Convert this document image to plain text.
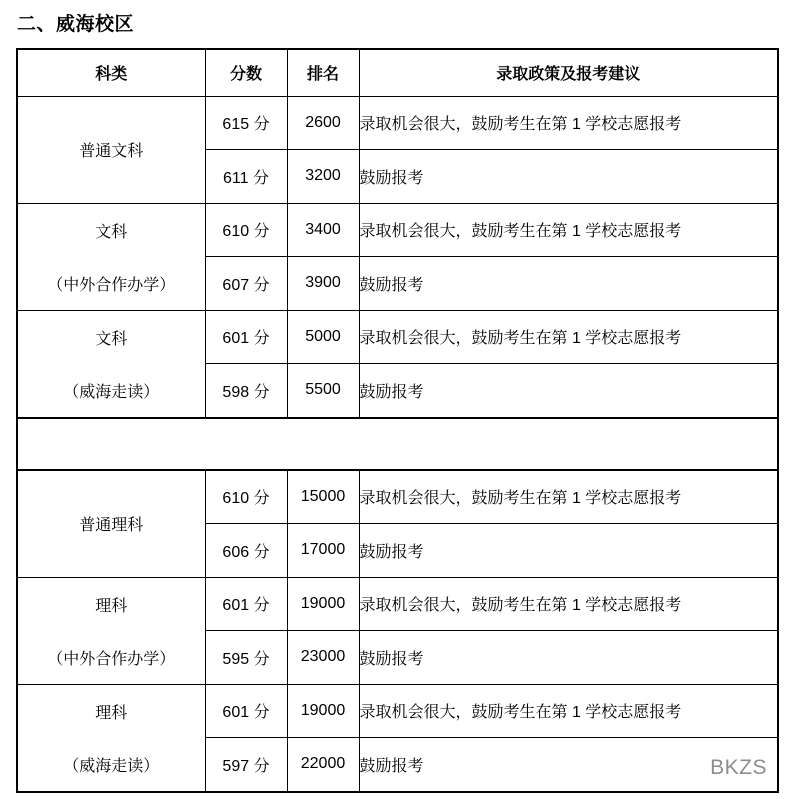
二、威海校区
科类	分数	排名	录取政策及报考建议

普通文科	615 分	2600	录取机会很大，鼓励考生在第 1 学校志愿报考
	611 分	3200	鼓励报考

文科
（中外合作办学）	610 分	3400	录取机会很大，鼓励考生在第 1 学校志愿报考
	607 分	3900	鼓励报考

文科
（威海走读）	601 分	5000	录取机会很大，鼓励考生在第 1 学校志愿报考
	598 分	5500	鼓励报考

普通理科	610 分	15000	录取机会很大，鼓励考生在第 1 学校志愿报考
	606 分	17000	鼓励报考

理科
（中外合作办学）	601 分	19000	录取机会很大，鼓励考生在第 1 学校志愿报考
	595 分	23000	鼓励报考

理科
（威海走读）	601 分	19000	录取机会很大，鼓励考生在第 1 学校志愿报考
	597 分	22000	鼓励报考	BKZS
